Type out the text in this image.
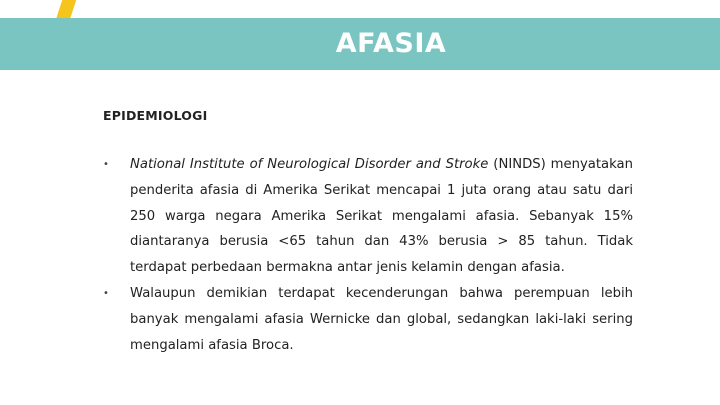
AFASIA
EPIDEMIOLOGI
• National Institute of Neurological Disorder and Stroke (NINDS) menyatakan penderita afasia di Amerika Serikat mencapai 1 juta orang atau satu dari 250 warga negara Amerika Serikat mengalami afasia. Sebanyak 15% diantaranya berusia <65 tahun dan 43% berusia > 85 tahun. Tidak terdapat perbedaan bermakna antar jenis kelamin dengan afasia.
• Walaupun demikian terdapat kecenderungan bahwa perempuan lebih banyak mengalami afasia Wernicke dan global, sedangkan laki-laki sering mengalami afasia Broca.
